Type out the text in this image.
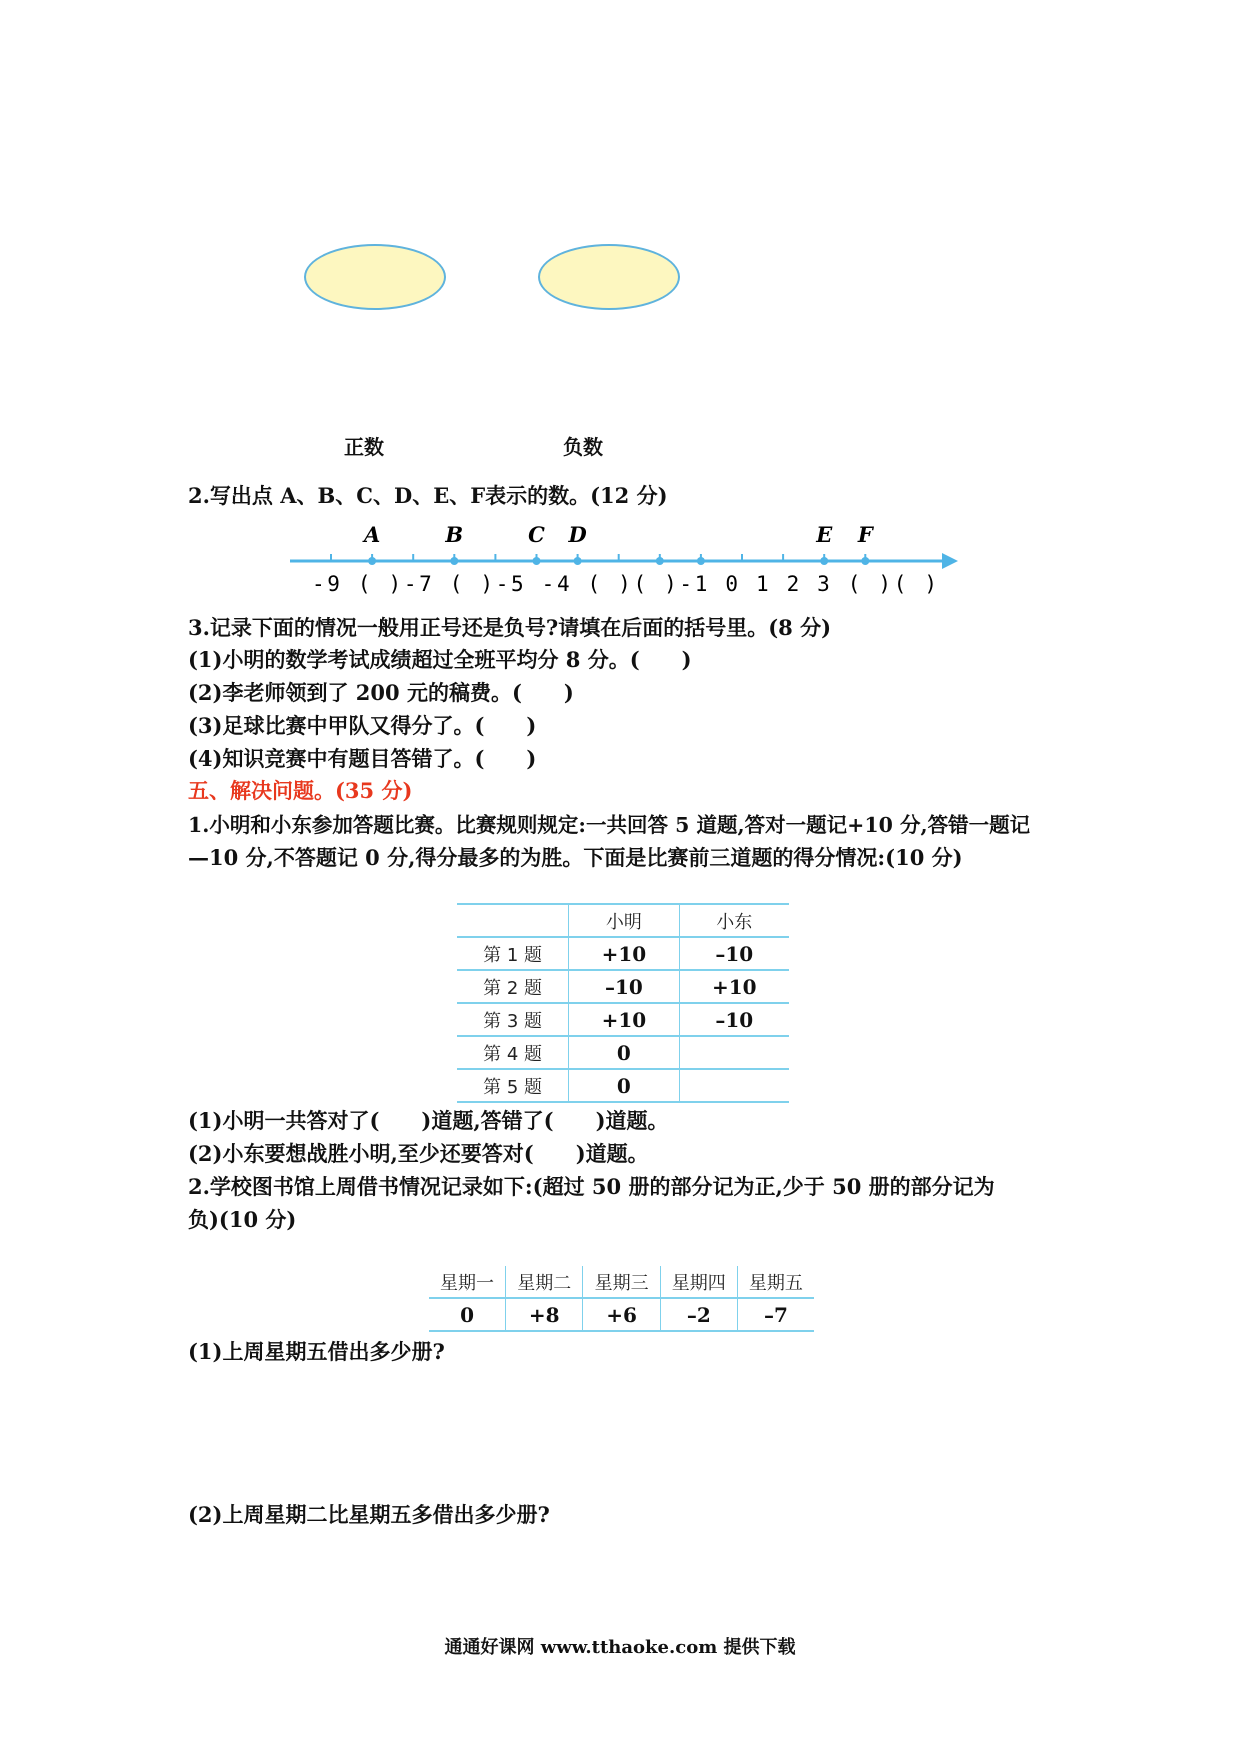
正数	负数
2.写出点 A、B、C、D、E、F表示的数。(12 分)
A	B	C D	E F
-9 ( )-7 ( )-5 -4 ( )( )-1 0 1 2 3 ( )( )
3.记录下面的情况一般用正号还是负号?请填在后面的括号里。(8 分)
(1)小明的数学考试成绩超过全班平均分 8 分。(　　)
(2)李老师领到了 200 元的稿费。(　　)
(3)足球比赛中甲队又得分了。(　　)
(4)知识竞赛中有题目答错了。(　　)
五、解决问题。(35 分)
1.小明和小东参加答题比赛。比赛规则规定:一共回答 5 道题,答对一题记+10 分,答错一题记
—10 分,不答题记 0 分,得分最多的为胜。下面是比赛前三道题的得分情况:(10 分)
	小明	小东
第 1 题	+10	–10
第 2 题	–10	+10
第 3 题	+10	–10
第 4 题	0	
第 5 题	0	
(1)小明一共答对了(　　)道题,答错了(　　)道题。
(2)小东要想战胜小明,至少还要答对(　　)道题。
2.学校图书馆上周借书情况记录如下:(超过 50 册的部分记为正,少于 50 册的部分记为
负)(10 分)
星期一	星期二	星期三	星期四	星期五
0	+8	+6	–2	–7
(1)上周星期五借出多少册?
(2)上周星期二比星期五多借出多少册?
通通好课网 www.tthaoke.com 提供下载
